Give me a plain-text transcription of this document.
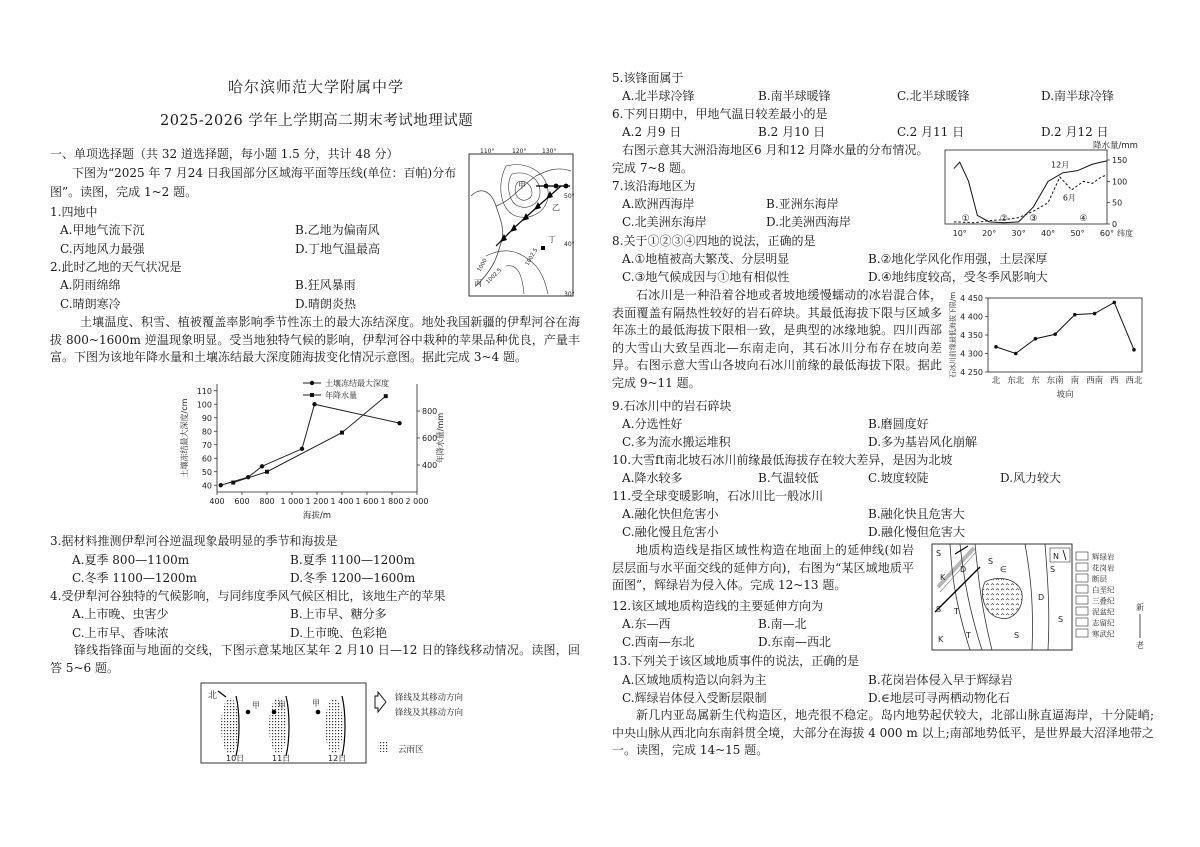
哈尔滨师范大学附属中学
2025-2026 学年上学期高二期末考试地理试题
一、单项选择题（共 32 道选择题，每小题 1.5 分，共计 48 分）
下图为“2025 年 7 月24 日我国部分区域海平面等压线(单位：百帕)分布
图”。读图，完成 1~2 题。
1.四地中
A.甲地气流下沉	B.乙地为偏南风
C.丙地风力最强	D.丁地气温最高
2.此时乙地的天气状况是
A.阴雨绵绵	B.狂风暴雨
C.晴朗寒冷	D.晴朗炎热
110°	120°	130°
50°
40°
30°
甲
乙
丙
丁
1000
1002.5
1002.5
土壤温度、积雪、植被覆盖率影响季节性冻土的最大冻结深度。地处我国新疆的伊犁河谷在海拔 800~1600m 逆温现象明显。受当地独特气候的影响，伊犁河谷中栽种的苹果品种优良，产量丰富。下图为该地年降水量和土壤冻结最大深度随海拔变化情况示意图。据此完成 3~4 题。
110
100
90
80
70
60
50
40
800
600
400
400 600 800 1 000 1 200 1 400 1 600 1 800 2 000
海拔/m
土壤冻结最大深度/cm	年降水量/mm
土壤冻结最大深度
年降水量
3.据材料推测伊犁河谷逆温现象最明显的季节和海拔是
A.夏季 800—1100m	B.夏季 1100—1200m
C.冬季 1100—1200m	D.冬季 1200—1600m
4.受伊犁河谷独特的气候影响，与同纬度季风气候区相比，该地生产的苹果
A.上市晚、虫害少	B.上市早、糖分多
C.上市早、香味浓	D.上市晚、色彩艳
锋线指锋面与地面的交线，下图示意某地区某年 2 月10 日—12 日的锋线移动情况。读图，回答 5~6 题。
北
甲 甲	甲
10日	11日	12日
锋线及其移动方向
锋线及其移动方向
云雨区
5.该锋面属于
A.北半球冷锋	B.南半球暖锋	C.北半球暖锋	D.南半球冷锋
6.下列日期中，甲地气温日较差最小的是
A.2 月9 日	B.2 月10 日	C.2 月11 日	D.2 月12 日
右图示意其大洲沿海地区6 月和12 月降水量的分布情况。
完成 7~8 题。
7.该沿海地区为
A.欧洲西海岸	B.亚洲东海岸
C.北美洲东海岸	D.北美洲西海岸
8.关于①②③④四地的说法，正确的是
A.①地植被高大繁茂、分层明显	B.②地化学风化作用强，土层深厚
C.③地气候成因与①地有相似性	D.④地纬度较高，受冬季风影响大
150
100
50
0
10° 20° 30° 40° 50° 60° 纬度
降水量/mm
12月
6月
①	② ③	④
石冰川是一种沿着谷地或者坡地缓慢蠕动的冰岩混合体，表面覆盖有隔热性较好的岩石碎块。其最低海拔下限与区域多年冻土的最低海拔下限相一致，是典型的冰缘地貌。四川西部的大雪山大致呈西北—东南走向，其石冰川分布存在坡向差异。右图示意大雪山各坡向石冰川前缘的最低海拔下限。据此完成 9~11 题。
4 450
4 400
4 350
4 300
4 250
石冰川前缘最低海拔下限/m
北 东北 东 东南 南 西南 西 西北
坡向
9.石冰川中的岩石碎块
A.分选性好	B.磨圆度好
C.多为流水搬运堆积	D.多为基岩风化崩解
10.大雪ft南北坡石冰川前缘最低海拔存在较大差异，是因为北坡
A.降水较多	B.气温较低	C.坡度较陡	D.风力较大
11.受全球变暖影响，石冰川比一般冰川
A.融化快但危害小	B.融化快且危害大
C.融化慢且危害小	D.融化慢但危害大
地质构造线是指区域性构造在地面上的延伸线(如岩层层面与水平面交线的延伸方向)，右图为“某区域地质平面图”，辉绿岩为侵入体。完成 12~13 题。
S
D
K
T
∈
S
S
D
S T
K	S
S
N	辉绿岩
花岗岩
断层
白垩纪
三叠纪
泥盆纪
志留纪
寒武纪
新
老
12.该区域地质构造线的主要延伸方向为
A.东—西	B.南—北
C.西南—东北	D.东南—西北
13.下列关于该区域地质事件的说法，正确的是
A.区域地质构造以向斜为主	B.花岗岩体侵入早于辉绿岩
C.辉绿岩体侵入受断层限制	D.∈地层可寻两栖动物化石
新几内亚岛属新生代构造区，地壳很不稳定。岛内地势起伏较大，北部山脉直逼海岸，十分陡峭;中央山脉从西北向东南斜贯全境，大部分在海拔 4 000 m 以上;南部地势低平，是世界最大沼泽地带之一。读图，完成 14~15 题。
